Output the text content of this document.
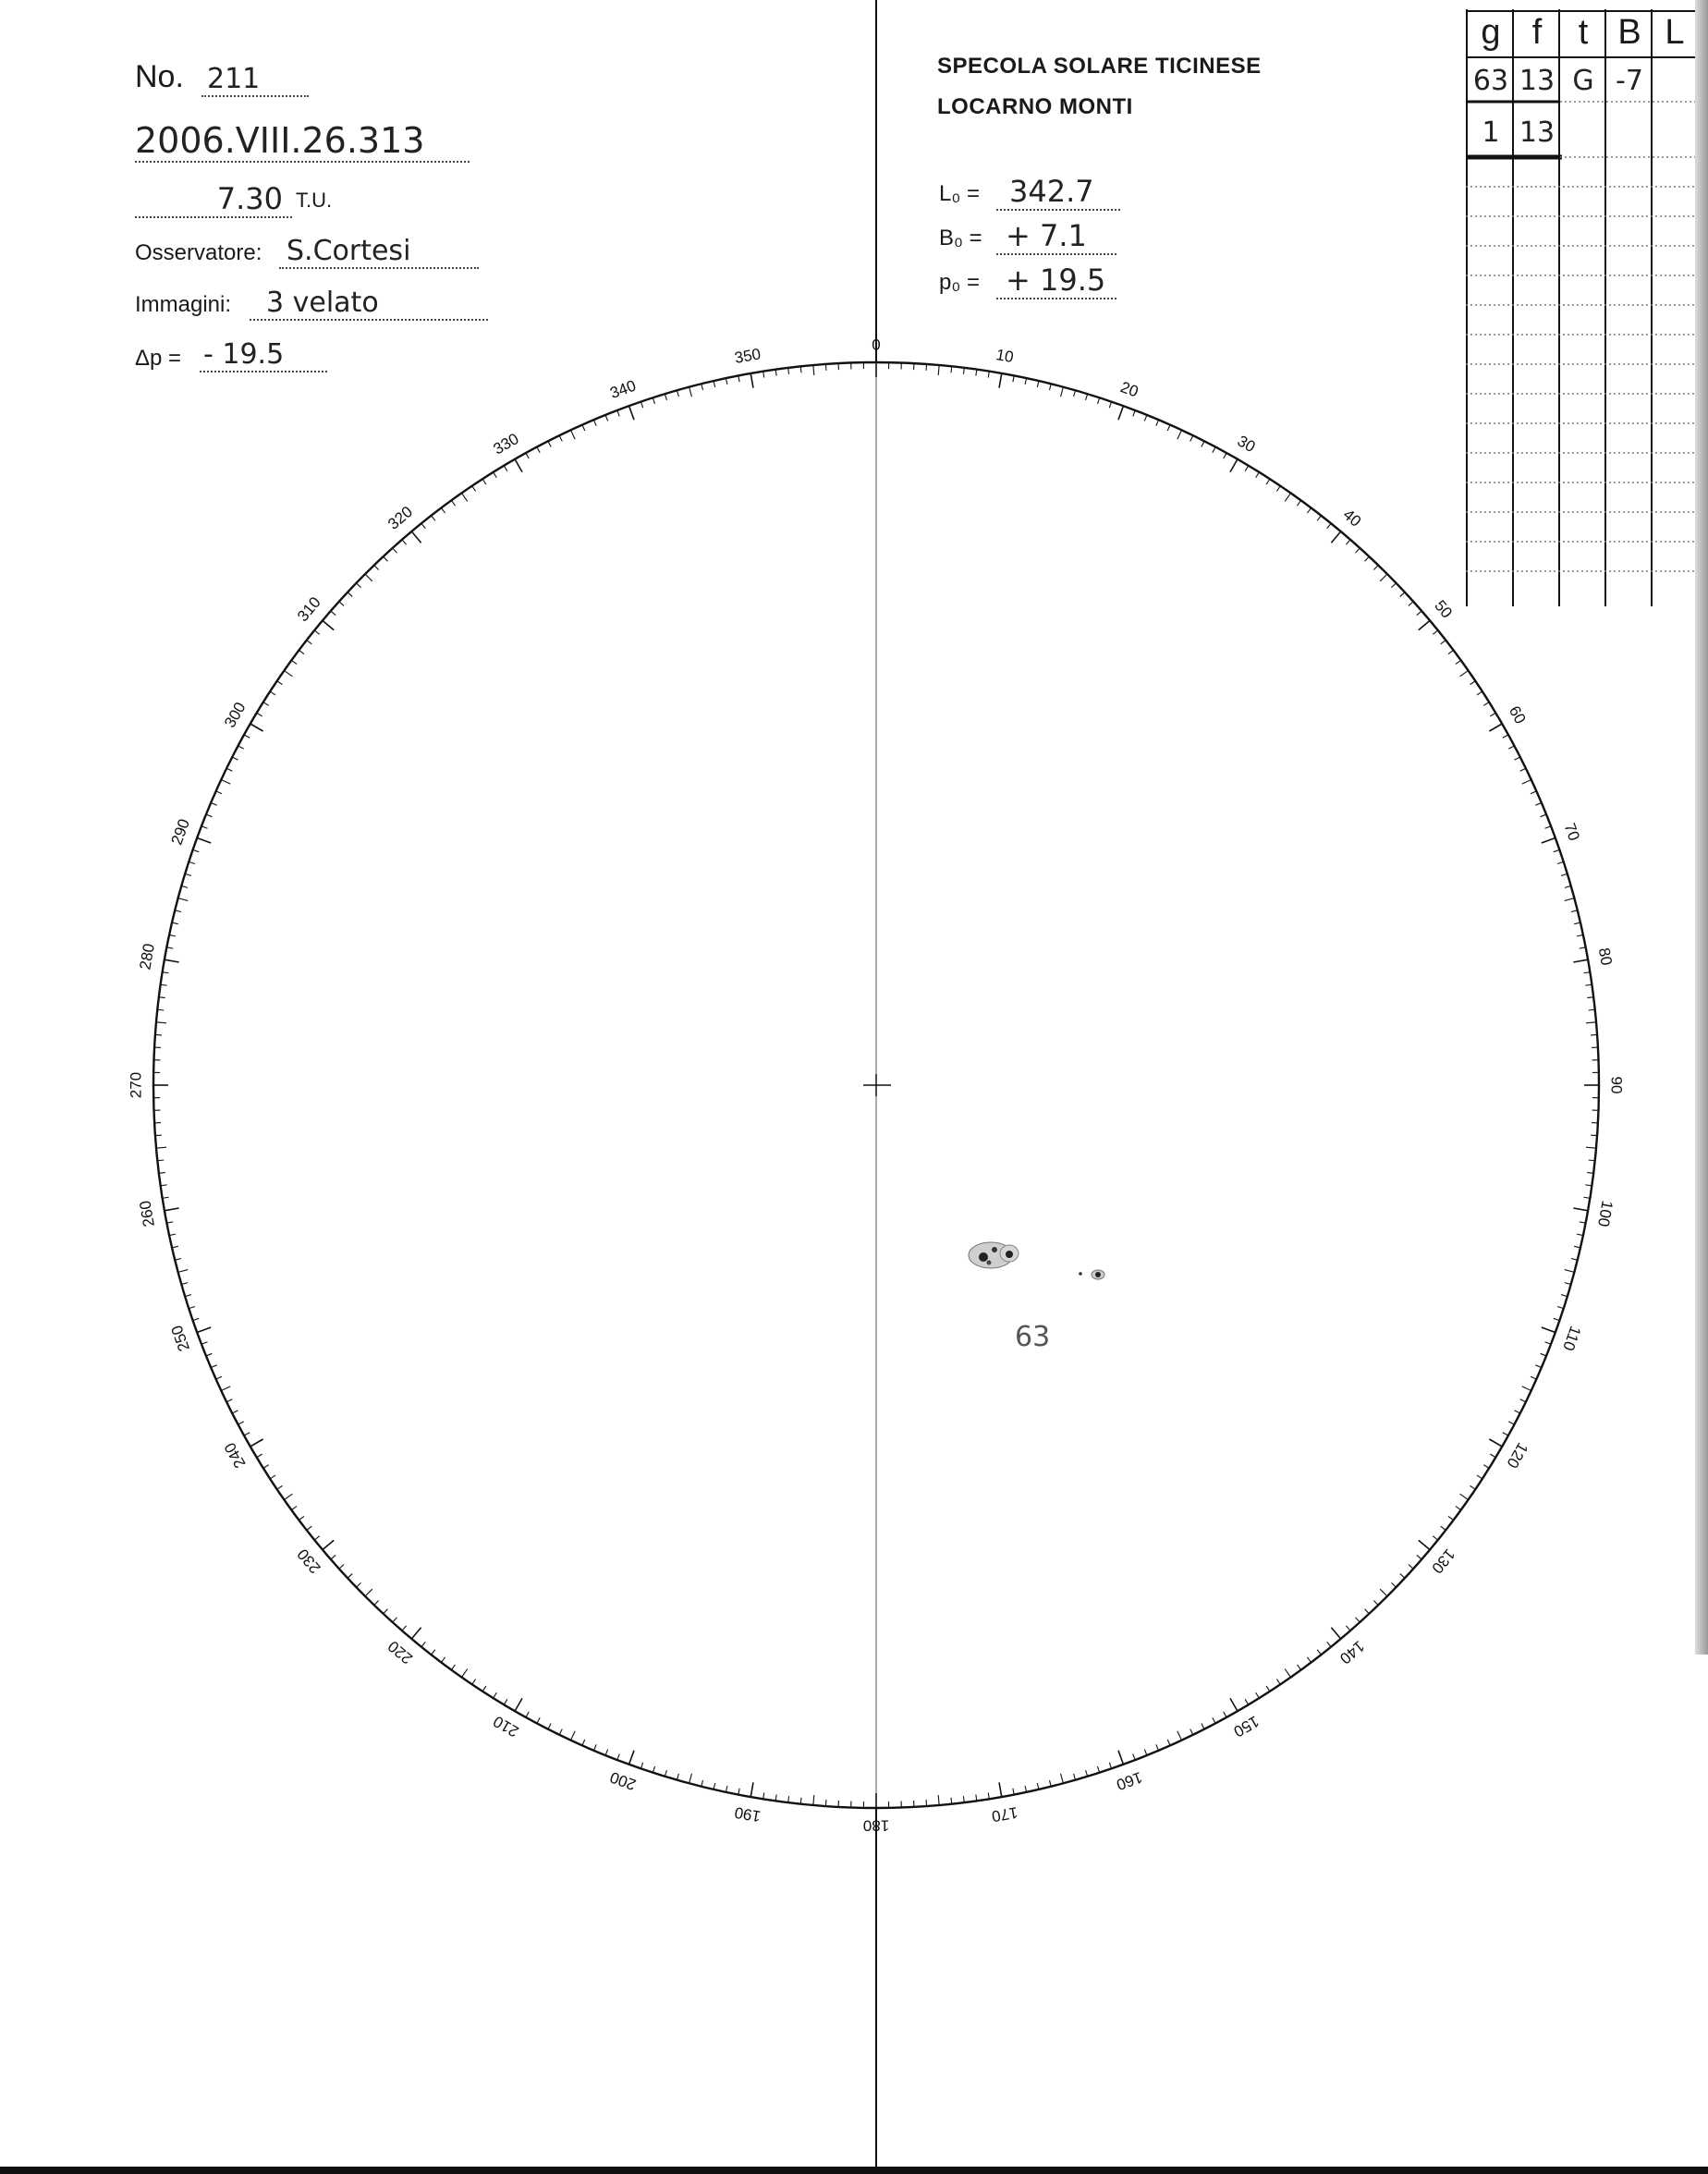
No. 211
2006.VIII.26.313
7.30 T.U.
Osservatore: S.Cortesi
Immagini:	3 velato
Δp = - 19.5
SPECOLA SOLARE TICINESE
LOCARNO MONTI
L₀ =	342.7
B₀ = + 7.1
p₀ = + 19.5
g f	t B L
63 13 G -7
1 13
0
10
20
30
40
50
60
70
80
90
100
110
120
130
140
150
160
170
180
190
200
210
220
230
240
250
260
270
280
290
300
310
320
330
340
350
63
